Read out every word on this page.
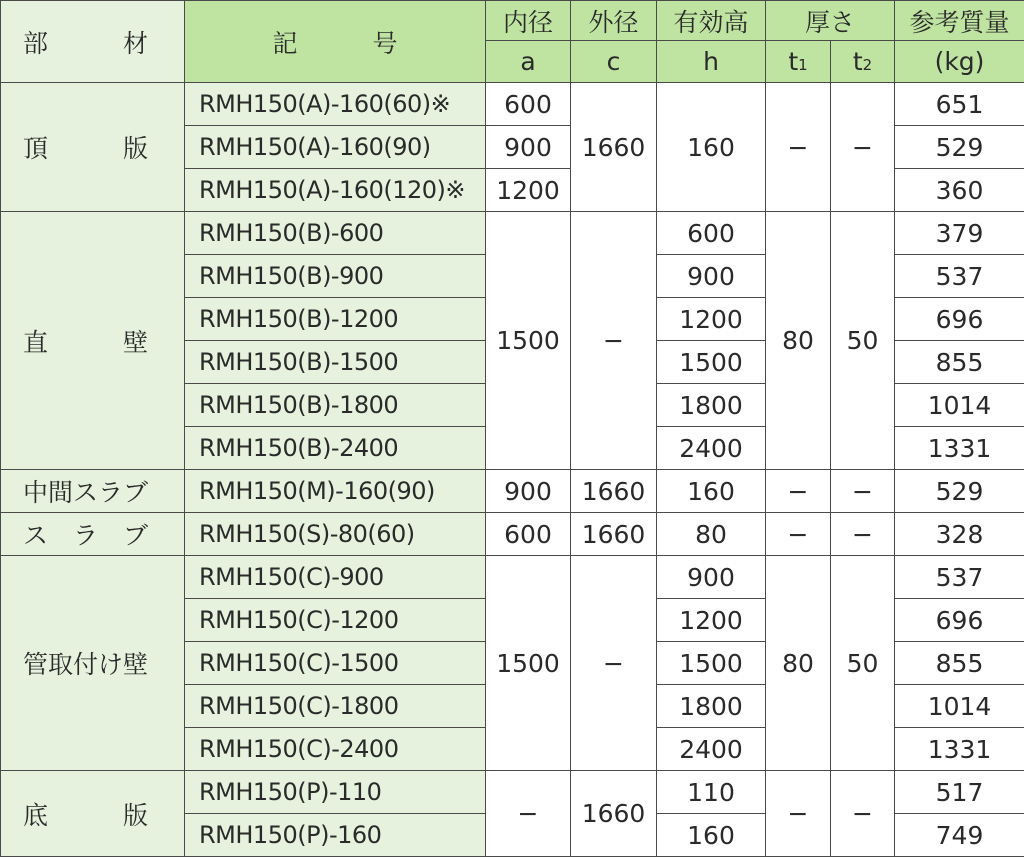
部　　　材	記　　　号	内径	外径	有効高	厚さ		参考質量
		a	c	h	t1	t2	(kg)
頂　　　版	RMH150(A)-160(60)※	600	1660	160	−	−	651
	RMH150(A)-160(90)	900					529
	RMH150(A)-160(120)※	1200					360
直　　　壁	RMH150(B)-600	1500	−	600	80	50	379
	RMH150(B)-900			900			537
	RMH150(B)-1200			1200			696
	RMH150(B)-1500			1500			855
	RMH150(B)-1800			1800			1014
	RMH150(B)-2400			2400			1331
中間スラブ	RMH150(M)-160(90)	900	1660	160	−	−	529
ス　ラ　ブ	RMH150(S)-80(60)	600	1660	80	−	−	328
管取付け壁	RMH150(C)-900	1500	−	900	80	50	537
	RMH150(C)-1200			1200			696
	RMH150(C)-1500			1500			855
	RMH150(C)-1800			1800			1014
	RMH150(C)-2400			2400			1331
底　　　版	RMH150(P)-110	−	1660	110	−	−	517
	RMH150(P)-160			160			749
